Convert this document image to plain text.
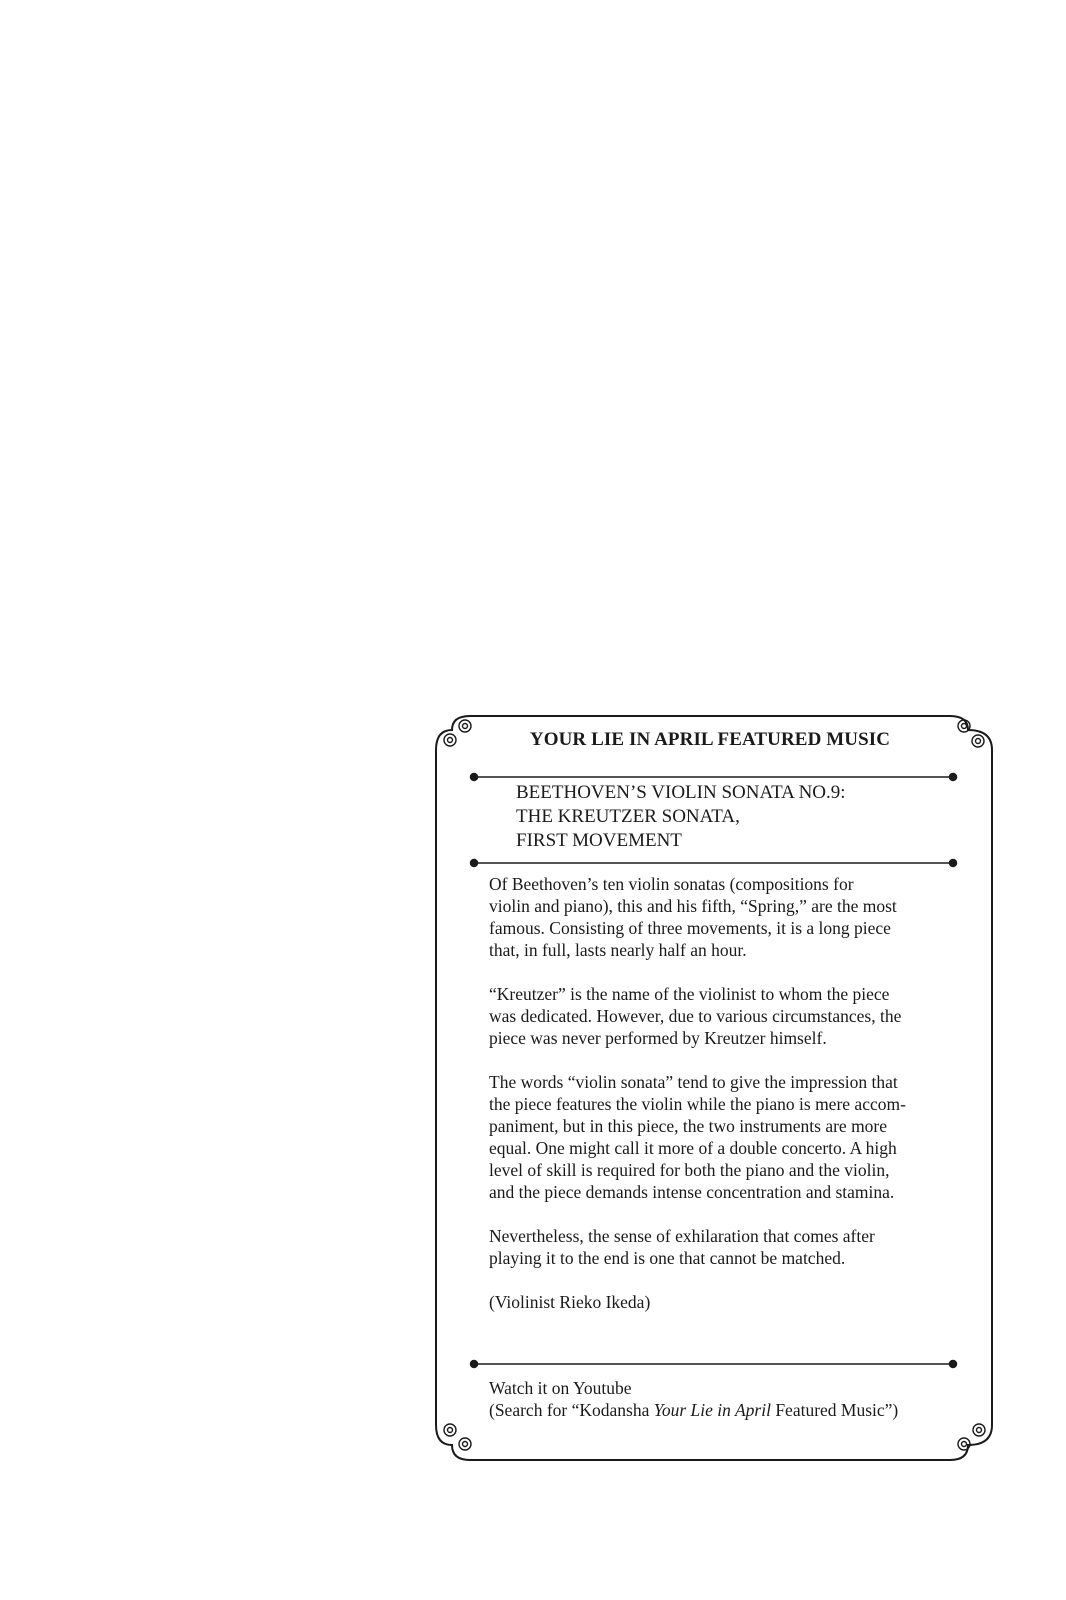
YOUR LIE IN APRIL FEATURED MUSIC
BEETHOVEN’S VIOLIN SONATA NO.9:
THE KREUTZER SONATA,
FIRST MOVEMENT

Of Beethoven’s ten violin sonatas (compositions for
violin and piano), this and his fifth, “Spring,” are the most
famous. Consisting of three movements, it is a long piece
that, in full, lasts nearly half an hour.

“Kreutzer” is the name of the violinist to whom the piece
was dedicated. However, due to various circumstances, the
piece was never performed by Kreutzer himself.

The words “violin sonata” tend to give the impression that
the piece features the violin while the piano is mere accom-
paniment, but in this piece, the two instruments are more
equal. One might call it more of a double concerto. A high
level of skill is required for both the piano and the violin,
and the piece demands intense concentration and stamina.

Nevertheless, the sense of exhilaration that comes after
playing it to the end is one that cannot be matched.

(Violinist Rieko Ikeda)

Watch it on Youtube
(Search for “Kodansha Your Lie in April Featured Music”)
